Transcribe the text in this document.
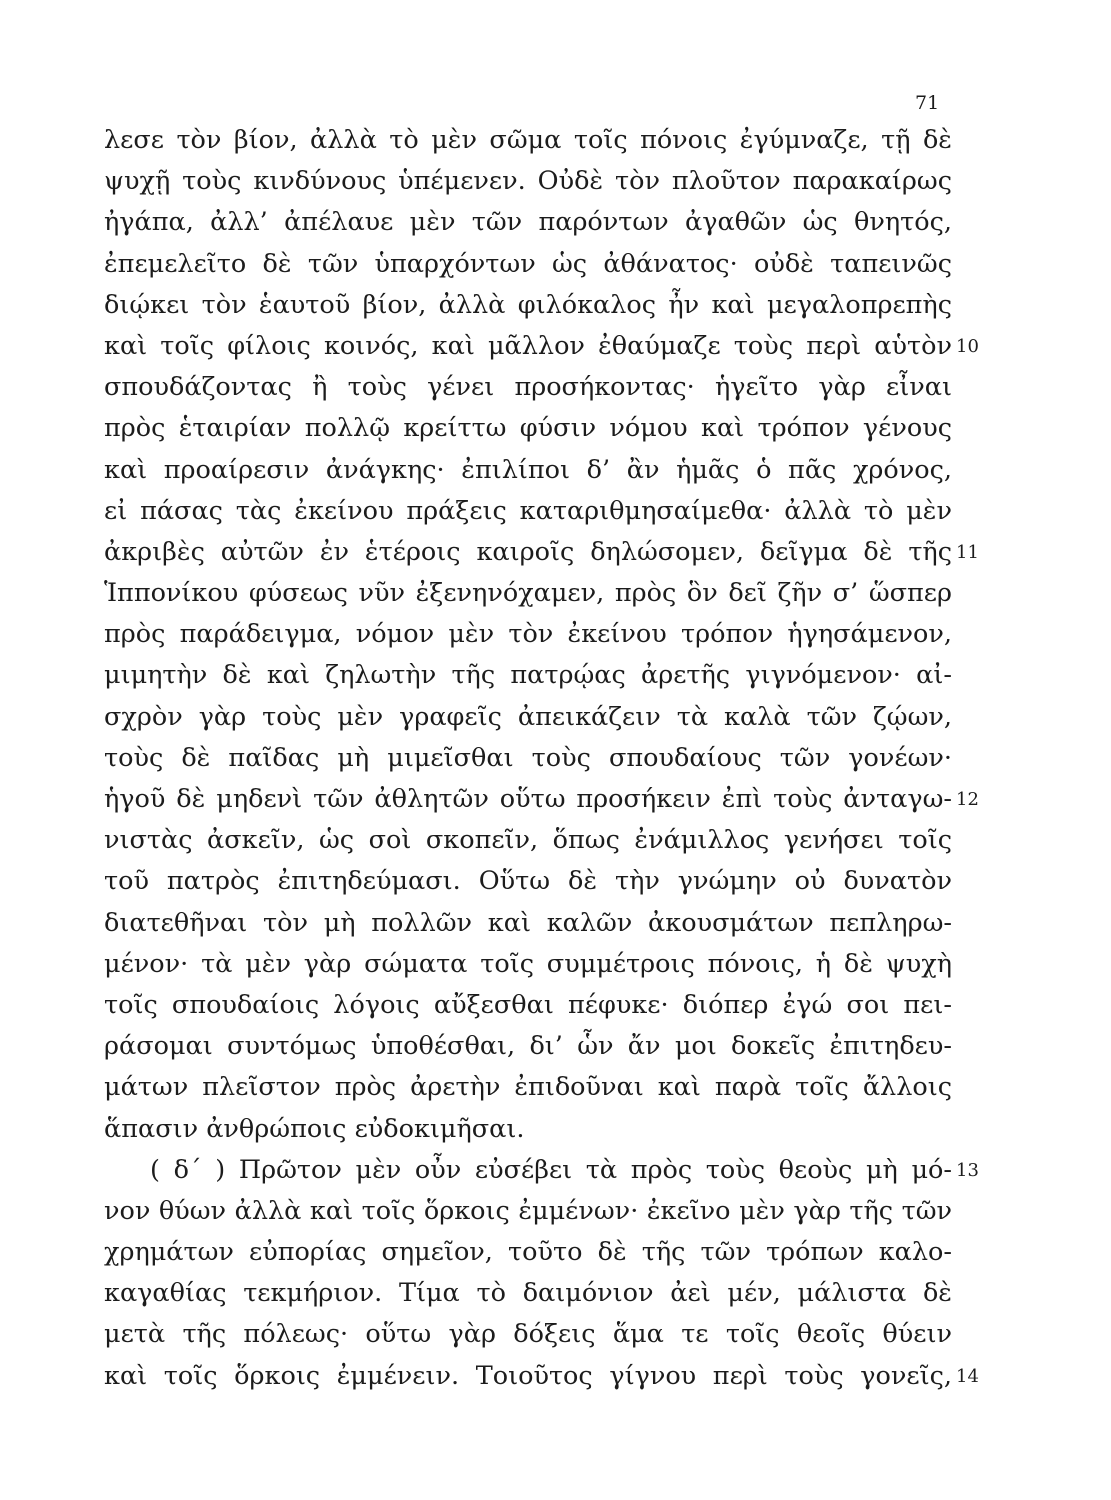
71
λεσε τὸν βίον, ἀλλὰ τὸ μὲν σῶμα τοῖς πόνοις ἐγύμναζε, τῇ δὲ
ψυχῇ τοὺς κινδύνους ὑπέμενεν. Οὐδὲ τὸν πλοῦτον παρακαίρως
ἠγάπα, ἀλλ’ ἀπέλαυε μὲν τῶν παρόντων ἀγαθῶν ὡς θνητός,
ἐπεμελεῖτο δὲ τῶν ὑπαρχόντων ὡς ἀθάνατος· οὐδὲ ταπεινῶς
διῴκει τὸν ἑαυτοῦ βίον, ἀλλὰ φιλόκαλος ἦν καὶ μεγαλοπρεπὴς
καὶ τοῖς φίλοις κοινός, καὶ μᾶλλον ἐθαύμαζε τοὺς περὶ αὑτὸν 10
σπουδάζοντας ἢ τοὺς γένει προσήκοντας· ἡγεῖτο γὰρ εἶναι
πρὸς ἑταιρίαν πολλῷ κρείττω φύσιν νόμου καὶ τρόπον γένους
καὶ προαίρεσιν ἀνάγκης· ἐπιλίποι δ’ ἂν ἡμᾶς ὁ πᾶς χρόνος,
εἰ πάσας τὰς ἐκείνου πράξεις καταριθμησαίμεθα· ἀλλὰ τὸ μὲν
ἀκριβὲς αὐτῶν ἐν ἑτέροις καιροῖς δηλώσομεν, δεῖγμα δὲ τῆς 11
Ἱππονίκου φύσεως νῦν ἐξενηνόχαμεν, πρὸς ὃν δεῖ ζῆν σ’ ὥσπερ
πρὸς παράδειγμα, νόμον μὲν τὸν ἐκείνου τρόπον ἡγησάμενον,
μιμητὴν δὲ καὶ ζηλωτὴν τῆς πατρῴας ἀρετῆς γιγνόμενον· αἰ-
σχρὸν γὰρ τοὺς μὲν γραφεῖς ἀπεικάζειν τὰ καλὰ τῶν ζῴων,
τοὺς δὲ παῖδας μὴ μιμεῖσθαι τοὺς σπουδαίους τῶν γονέων·
ἡγοῦ δὲ μηδενὶ τῶν ἀθλητῶν οὕτω προσήκειν ἐπὶ τοὺς ἀνταγω- 12
νιστὰς ἀσκεῖν, ὡς σοὶ σκοπεῖν, ὅπως ἐνάμιλλος γενήσει τοῖς
τοῦ πατρὸς ἐπιτηδεύμασι. Οὕτω δὲ τὴν γνώμην οὐ δυνατὸν
διατεθῆναι τὸν μὴ πολλῶν καὶ καλῶν ἀκουσμάτων πεπληρω-
μένον· τὰ μὲν γὰρ σώματα τοῖς συμμέτροις πόνοις, ἡ δὲ ψυχὴ
τοῖς σπουδαίοις λόγοις αὔξεσθαι πέφυκε· διόπερ ἐγώ σοι πει-
ράσομαι συντόμως ὑποθέσθαι, δι’ ὧν ἄν μοι δοκεῖς ἐπιτηδευ-
μάτων πλεῖστον πρὸς ἀρετὴν ἐπιδοῦναι καὶ παρὰ τοῖς ἄλλοις
ἅπασιν ἀνθρώποις εὐδοκιμῆσαι.
( δ΄ ) Πρῶτον μὲν οὖν εὐσέβει τὰ πρὸς τοὺς θεοὺς μὴ μό- 13
νον θύων ἀλλὰ καὶ τοῖς ὅρκοις ἐμμένων· ἐκεῖνο μὲν γὰρ τῆς τῶν
χρημάτων εὐπορίας σημεῖον, τοῦτο δὲ τῆς τῶν τρόπων καλο-
καγαθίας τεκμήριον. Τίμα τὸ δαιμόνιον ἀεὶ μέν, μάλιστα δὲ
μετὰ τῆς πόλεως· οὕτω γὰρ δόξεις ἅμα τε τοῖς θεοῖς θύειν
καὶ τοῖς ὅρκοις ἐμμένειν. Τοιοῦτος γίγνου περὶ τοὺς γονεῖς, 14
